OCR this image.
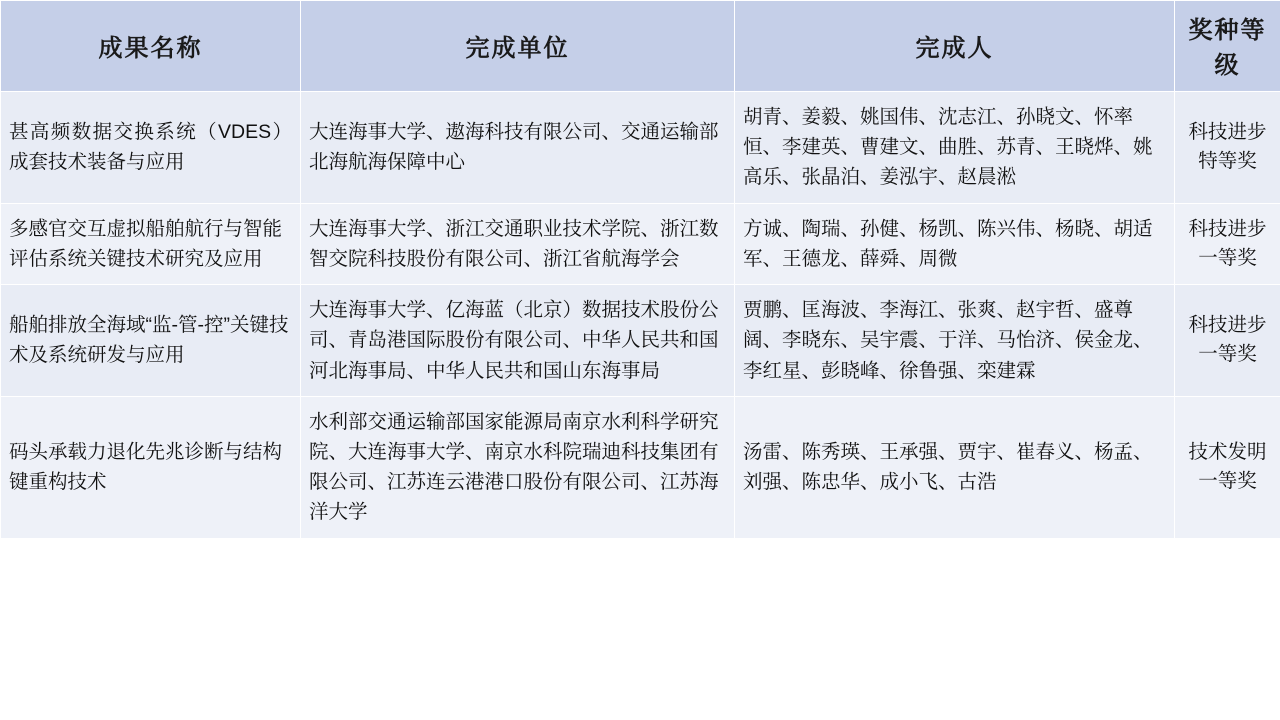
成果名称	完成单位	完成人	奖种等级
甚高频数据交换系统（VDES）成套技术装备与应用	大连海事大学、遨海科技有限公司、交通运输部北海航海保障中心	胡青、姜毅、姚国伟、沈志江、孙晓文、怀率恒、李建英、曹建文、曲胜、苏青、王晓烨、姚高乐、张晶泊、姜泓宇、赵晨淞	科技进步
特等奖

多感官交互虚拟船舶航行与智能评估系统关键技术研究及应用	大连海事大学、浙江交通职业技术学院、浙江数智交院科技股份有限公司、浙江省航海学会	方诚、陶瑞、孙健、杨凯、陈兴伟、杨晓、胡适军、王德龙、薛舜、周微	科技进步
一等奖

船舶排放全海域“监-管-控”关键技术及系统研发与应用	大连海事大学、亿海蓝（北京）数据技术股份公司、青岛港国际股份有限公司、中华人民共和国河北海事局、中华人民共和国山东海事局	贾鹏、匡海波、李海江、张爽、赵宇哲、盛尊阔、李晓东、吴宇震、于洋、马怡济、侯金龙、李红星、彭晓峰、徐鲁强、栾建霖	科技进步
一等奖

码头承载力退化先兆诊断与结构键重构技术	水利部交通运输部国家能源局南京水利科学研究院、大连海事大学、南京水科院瑞迪科技集团有限公司、江苏连云港港口股份有限公司、江苏海洋大学	汤雷、陈秀瑛、王承强、贾宇、崔春义、杨孟、刘强、陈忠华、成小飞、古浩	技术发明
一等奖
